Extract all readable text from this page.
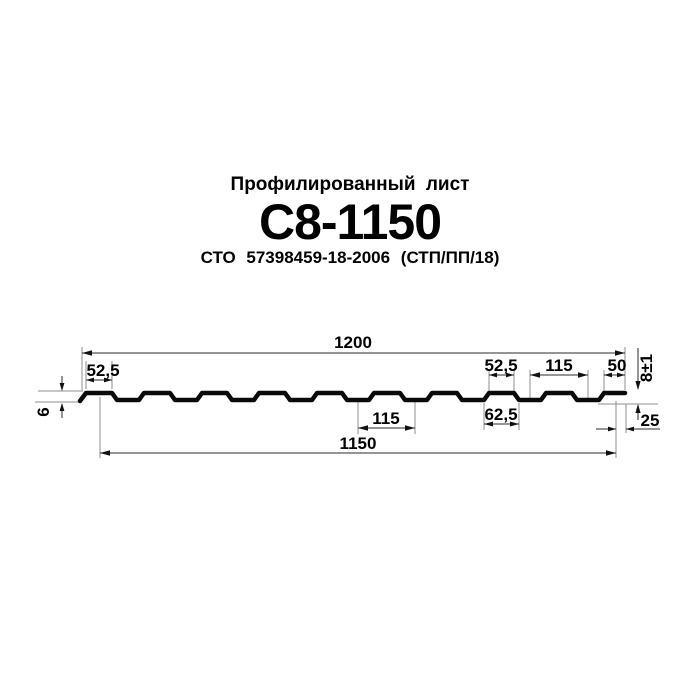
Профилированный лист
С8-1150
СТО 57398459-18-2006 (СТП/ПП/18)
1200
52,5	52,5 115 50
62,5
115
1150
25
6
8±1
